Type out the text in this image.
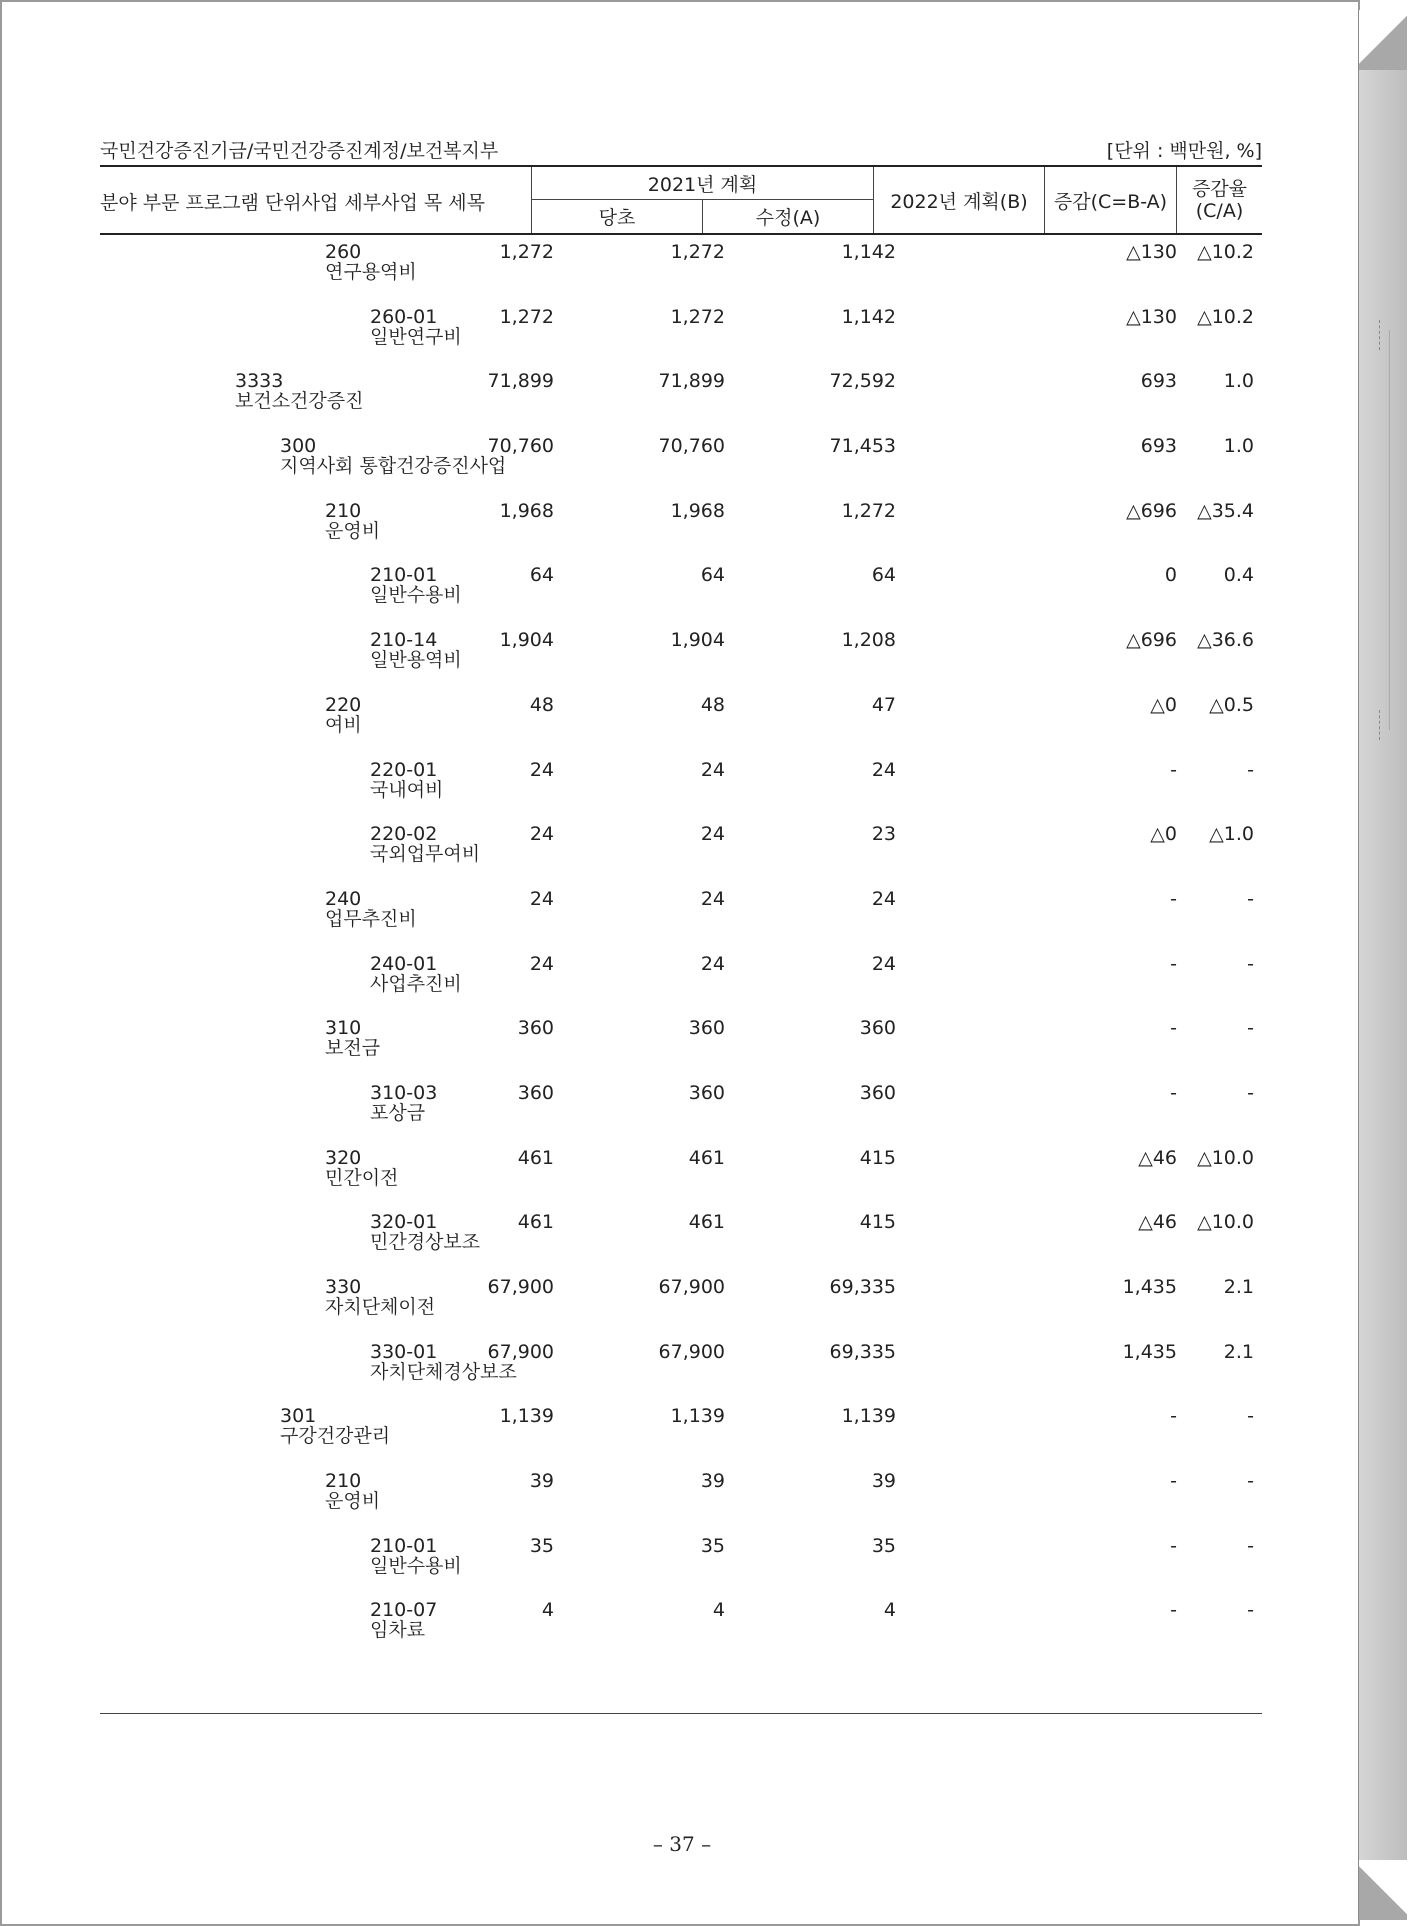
국민건강증진기금/국민건강증진계정/보건복지부	[단위 : 백만원, %]
분야 부문 프로그램 단위사업 세부사업 목 세목
2021년 계획
당초	수정(A)
2022년 계획(B)	증감(C=B-A)
증감율
(C/A)
260
연구용역비
1,272	1,272	1,142	△130 △10.2
260-01
일반연구비
1,272	1,272	1,142	△130 △10.2
3333
보건소건강증진
71,899	71,899	72,592	693 1.0
300
지역사회 통합건강증진사업
70,760	70,760	71,453	693 1.0
210
운영비
1,968	1,968	1,272	△696 △35.4
210-01
일반수용비
64	64	64	0 0.4
210-14
일반용역비
1,904	1,904	1,208	△696 △36.6
220
여비
48	48	47	△0 △0.5
220-01
국내여비
24	24	24	-	-
220-02
국외업무여비
24	24	23	△0 △1.0
240
업무추진비
24	24	24	-	-
240-01
사업추진비
24	24	24	-	-
310
보전금
360	360	360	-	-
310-03
포상금
360	360	360	-	-
320
민간이전
461	461	415	△46 △10.0
320-01
민간경상보조
461	461	415	△46 △10.0
330
자치단체이전
67,900	67,900	69,335	1,435 2.1
330-01
자치단체경상보조
67,900	67,900	69,335	1,435 2.1
301
구강건강관리
1,139	1,139	1,139	-	-
210
운영비
39	39	39	-	-
210-01
일반수용비
35	35	35	-	-
210-07
임차료
4	4	4	-	-
– 37 –
